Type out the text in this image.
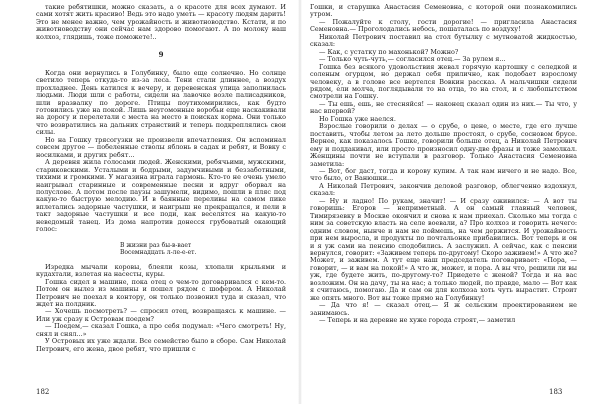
такие ребятишки, можно сказать, а о красоте для всех думают. И сами хотят жить красиво! Ведь это надо уметь — красоту людям дарить! Это не менее важно, чем урожайность и животноводство. Кстати, и по животноводству они сейчас нам здорово помогают. А по молоку наш колхоз, глядишь, тоже поможете!..

9

Когда они вернулись в Голубинку, было еще солнечно. Но солнце светило теперь откуда-то из-за леса. Тени стали длиннее, а воздух прохладнее. День катился к вечеру, и деревенская улица заполнилась людьми. Люди шли с работы, сидели на лавочке возле палисадников, шли вразвалку по дороге. Птицы поутихомирились, как будто готовились уже на покой. Лишь неугомонные воробьи еще наскакивали на дорогу и перелетали с места на место в поисках корма. Они только что возвратились на дальних странствий и теперь подкреплялись свои силы.

Но на Гошку трясогузки не произвели впечатления. Он вспоминал совсем другое — побеленные стволы яблонь в садах и ребят, и Вовку с носилками, и других ребят...

А деревня жила голосами людей. Женскими, ребячьими, мужскими, стариковскими. Усталыми и бодрыми, задумчивыми и беззаботными, тихими и громкими. У магазина играла гармонь. Кто-то не очень умело наигрывал старинные и современные песни и вдруг оборвал на полуслове. А потом после паузы зашумели, видимо, пошли в пляс под какую-то быструю мелодию. И в баянные переливы на самом пике вплетались задорные частушки, и наигрыш не прекращался, и пели в такт задорные частушки и все поди, как веселятся на какую-то неведомый танец. Из дома напротив донесся грубоватый окающий голос:

В жизни раз бы-в-вает
Восемнадцать л-ле-е-ет.

Изредка мычали коровы, блеяли козы, хлопали крыльями и кудахтали, взлетая на насесты, куры.

Гошка сидел в машине, пока отец о чем-то договаривался с кем-то. Потом он вылез из машины и пошел рядом с шофером. А Николай Петрович не поехал в контору, он только позвонил туда и сказал, что ждет на полдник.

— Хочешь посмотреть? — спросил отец, возвращаясь к машине. — Или уж сразу к Островам поедем?

— Поедем,— сказал Гошка, а про себя подумал: «Чего смотреть! Ну, снял и снял...»

У Островых их уже ждали. Все семейство было в сборе. Сам Николай Петрович, его жена, двое ребят, что пришли с

Гошки, и старушка Анастасия Семеновна, с которой они познакомились утром.

— Пожалуйте к столу, гости дорогие! — пригласила Анастасия Семеновна.— Проголодались небось, пошаталась по воздуху!

Николай Петрович поставил на стол бутылку с мутноватой жидкостью, сказал:

— Как, с устатку по махонькой? Можно?

— Только чуть-чуть,— согласился отец.— За рулем я...

Гошка без всякого удовольствия жевал горячую картошку с селедкой и соленым огурцом, но держал себя прилично, как подобает взрослому человеку, а в голове все вертелся Вовкин рассказ. А мальчишки сидели рядом, ели молча, поглядывали то на отца, то на стол, и с любопытством смотрели на Гошку.

— Ты ешь, ешь, не стесняйся! — наконец сказал один из них.— Ты что, у нас впервой?

Но Гошка уже наелся.

Взрослые говорили о делах — о срубе, о цене, о месте, где его лучше поставить, чтобы летом за лето дольше простоял, о срубе, сосновом брусе. Вернее, как показалось Гошке, говорили больше отец, а Николай Петрович ему и поддакивал, или просто произносил одну-две фразы и тоже замолкал. Женщины почти не вступали в разговор. Только Анастасия Семеновна заметила:

— Вот, бог даст, тогда и корову купим. А так нам ничего и не надо. Все, что было, от Ванюшки...

А Николай Петрович, закончив деловой разговор, облегченно вздохнул, сказал:

— Ну и ладно! По рукам, значит! — И сразу оживился: — А вот ты говоришь: Егоров — неприметный. А он самый главный человек, Тимирязевку в Москве окончил и снова к нам приехал. Сколько мы тогда с ним за советскую власть на селе воевали, а? Про колхоз и говорить нечего: одним словом, нынче и нам не поймешь, на чем держится. И урожайность при нем выросла, и продукты по почтальонке прибавились. Вот теперь и он и я уж сами на пенсию сподобились. А заслужил. А сейчас, как с пенсии вернулся, говорит: «Заживем теперь по-другому! Скоро заживем!» А что же? Может, и заживем. А тут еще наш председатель поговаривает: «Пора, — говорит, — и вам на покой!» А что ж, может, и пора. А вы что, решили ли вы уж, где будете жить, по-другому-то? Приедете с женой? Тогда и на вас возложим. Он на дачу, ты на нас; а только людей, по правде, мало — Вот как я считаюсь, помогаю. Да и сам он для колхоза хоть чуть вырастит. Строит же опять много. Вот вы тоже прямо на Голубинку!

— Да что я! — сказал отец.— Я ж сельским проектированием не занимаюсь.

— Теперь и на деревне не хуже города строят,— заметил

182	183
